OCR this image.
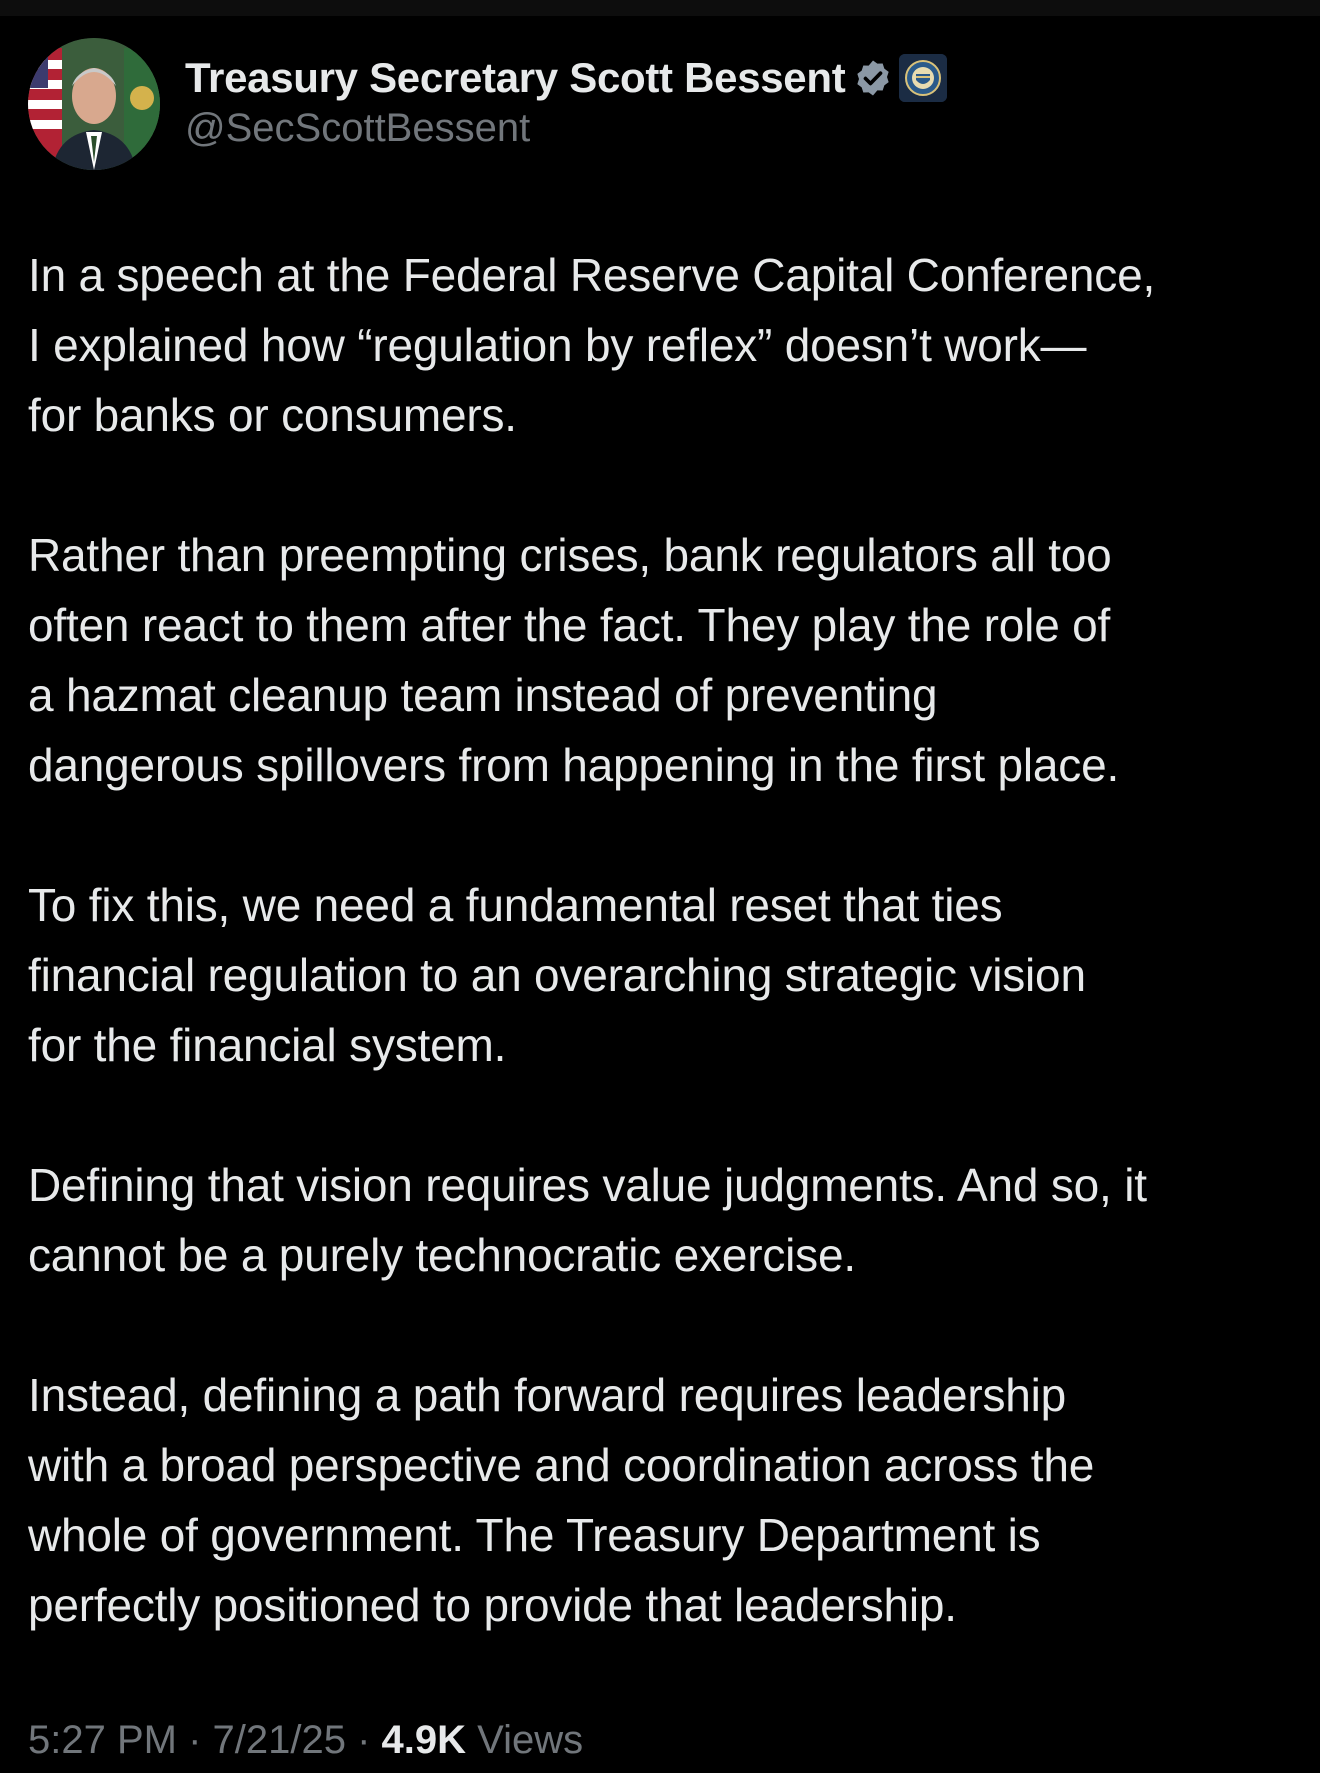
Treasury Secretary Scott Bessent
@SecScottBessent

In a speech at the Federal Reserve Capital Conference,
I explained how “regulation by reflex” doesn’t work—
for banks or consumers.

Rather than preempting crises, bank regulators all too
often react to them after the fact. They play the role of
a hazmat cleanup team instead of preventing
dangerous spillovers from happening in the first place.

To fix this, we need a fundamental reset that ties
financial regulation to an overarching strategic vision
for the financial system.

Defining that vision requires value judgments. And so, it
cannot be a purely technocratic exercise.

Instead, defining a path forward requires leadership
with a broad perspective and coordination across the
whole of government. The Treasury Department is
perfectly positioned to provide that leadership.

5:27 PM · 7/21/25 · 4.9K Views
